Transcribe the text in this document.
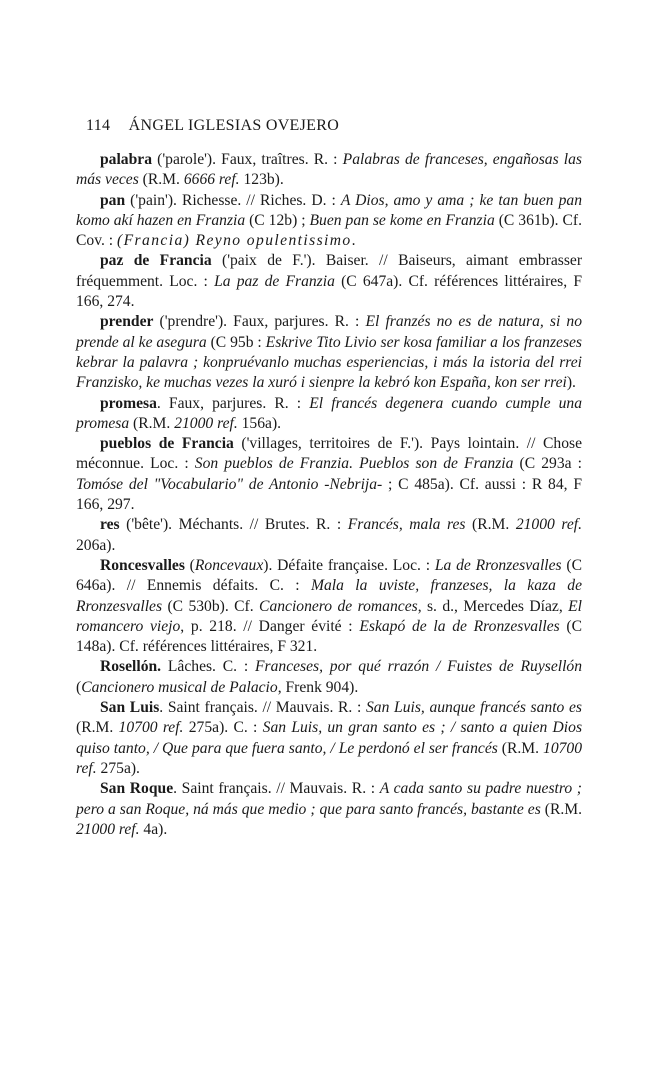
114 ÁNGEL IGLESIAS OVEJERO

palabra ('parole'). Faux, traîtres. R. : Palabras de franceses, engañosas las más veces (R.M. 6666 ref. 123b).

pan ('pain'). Richesse. // Riches. D. : A Dios, amo y ama ; ke tan buen pan komo akí hazen en Franzia (C 12b) ; Buen pan se kome en Franzia (C 361b). Cf. Cov. : (Francia) Reyno opulentissimo.

paz de Francia ('paix de F.'). Baiser. // Baiseurs, aimant embrasser fréquemment. Loc. : La paz de Franzia (C 647a). Cf. références littéraires, F 166, 274.

prender ('prendre'). Faux, parjures. R. : El franzés no es de natura, si no prende al ke asegura (C 95b : Eskrive Tito Livio ser kosa familiar a los franzeses kebrar la palavra ; konpruévanlo muchas esperiencias, i más la istoria del rrei Franzisko, ke muchas vezes la xuró i sienpre la kebró kon España, kon ser rrei).

promesa. Faux, parjures. R. : El francés degenera cuando cumple una promesa (R.M. 21000 ref. 156a).

pueblos de Francia ('villages, territoires de F.'). Pays lointain. // Chose méconnue. Loc. : Son pueblos de Franzia. Pueblos son de Franzia (C 293a : Tomóse del "Vocabulario" de Antonio -Nebrija- ; C 485a). Cf. aussi : R 84, F 166, 297.

res ('bête'). Méchants. // Brutes. R. : Francés, mala res (R.M. 21000 ref. 206a).

Roncesvalles (Roncevaux). Défaite française. Loc. : La de Rronzesvalles (C 646a). // Ennemis défaits. C. : Mala la uviste, franzeses, la kaza de Rronzesvalles (C 530b). Cf. Cancionero de romances, s. d., Mercedes Díaz, El romancero viejo, p. 218. // Danger évité : Eskapó de la de Rronzesvalles (C 148a). Cf. références littéraires, F 321.

Rosellón. Lâches. C. : Franceses, por qué rrazón / Fuistes de Ruysellón (Cancionero musical de Palacio, Frenk 904).

San Luis. Saint français. // Mauvais. R. : San Luis, aunque francés santo es (R.M. 10700 ref. 275a). C. : San Luis, un gran santo es ; / santo a quien Dios quiso tanto, / Que para que fuera santo, / Le perdonó el ser francés (R.M. 10700 ref. 275a).

San Roque. Saint français. // Mauvais. R. : A cada santo su padre nuestro ; pero a san Roque, ná más que medio ; que para santo francés, bastante es (R.M. 21000 ref. 4a).
